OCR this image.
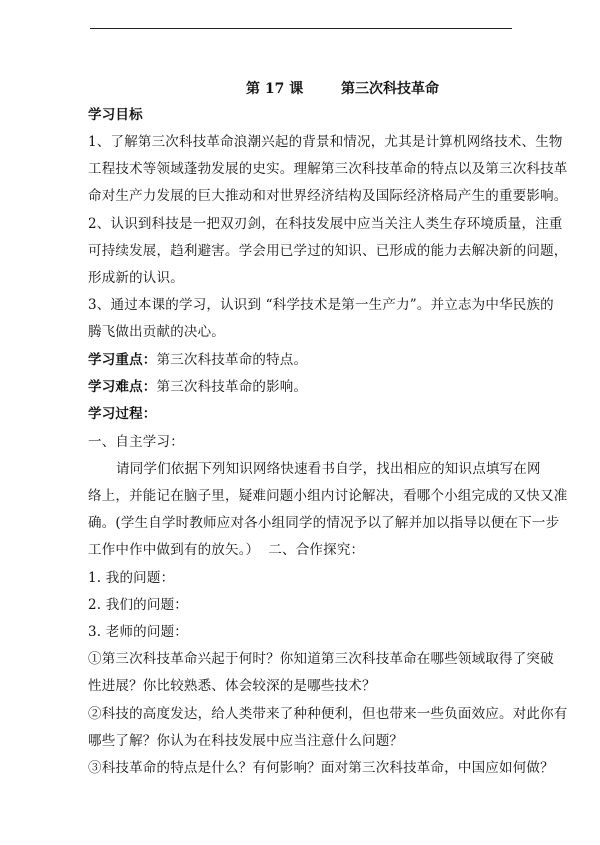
第 17 课	第三次科技革命
学习目标
1、了解第三次科技革命浪潮兴起的背景和情况，尤其是计算机网络技术、生物
工程技术等领域蓬勃发展的史实。理解第三次科技革命的特点以及第三次科技革
命对生产力发展的巨大推动和对世界经济结构及国际经济格局产生的重要影响。
2、认识到科技是一把双刃剑，在科技发展中应当关注人类生存环境质量，注重
可持续发展，趋利避害。学会用已学过的知识、已形成的能力去解决新的问题，
形成新的认识。
3、通过本课的学习，认识到 “科学技术是第一生产力”。并立志为中华民族的
腾飞做出贡献的决心。
学习重点：第三次科技革命的特点。
学习难点：第三次科技革命的影响。
学习过程：
一、自主学习：
请同学们依据下列知识网络快速看书自学，找出相应的知识点填写在网
络上，并能记在脑子里，疑难问题小组内讨论解决，看哪个小组完成的又快又准
确。(学生自学时教师应对各小组同学的情况予以了解并加以指导以便在下一步
工作中作中做到有的放矢。）  二、合作探究：
1. 我的问题：
2. 我们的问题：
3. 老师的问题：
①第三次科技革命兴起于何时？你知道第三次科技革命在哪些领域取得了突破
性进展？你比较熟悉、体会较深的是哪些技术？
②科技的高度发达，给人类带来了种种便利，但也带来一些负面效应。对此你有
哪些了解？你认为在科技发展中应当注意什么问题？
③科技革命的特点是什么？有何影响？面对第三次科技革命，中国应如何做？
